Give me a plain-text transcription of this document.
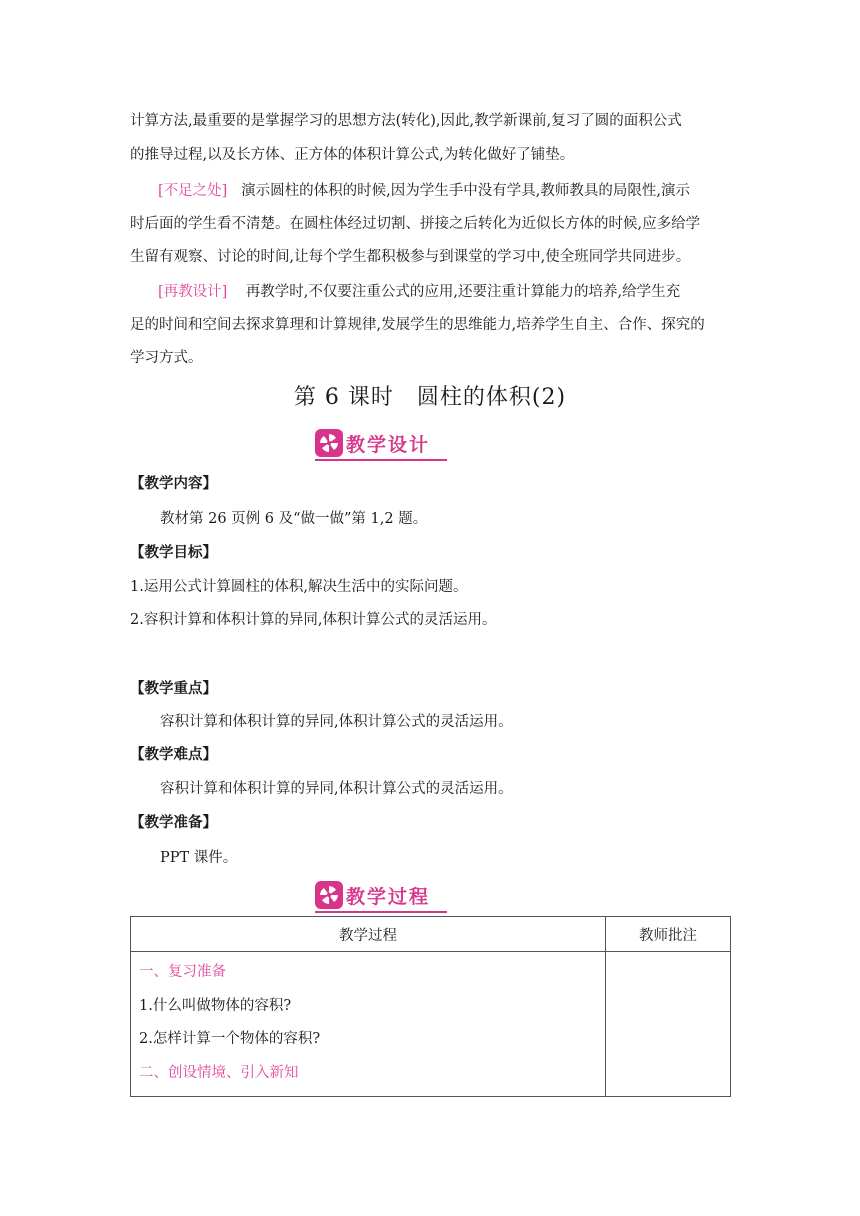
计算方法,最重要的是掌握学习的思想方法(转化),因此,教学新课前,复习了圆的面积公式

的推导过程,以及长方体、正方体的体积计算公式,为转化做好了铺垫。

[不足之处] 演示圆柱的体积的时候,因为学生手中没有学具,教师教具的局限性,演示

时后面的学生看不清楚。在圆柱体经过切割、拼接之后转化为近似长方体的时候,应多给学

生留有观察、讨论的时间,让每个学生都积极参与到课堂的学习中,使全班同学共同进步。

[再教设计] 再教学时,不仅要注重公式的应用,还要注重计算能力的培养,给学生充

足的时间和空间去探求算理和计算规律,发展学生的思维能力,培养学生自主、合作、探究的

学习方式。

第 6 课时　圆柱的体积(2)
教学设计
【教学内容】
教材第 26 页例 6 及“做一做”第 1,2 题。
【教学目标】
1.运用公式计算圆柱的体积,解决生活中的实际问题。
2.容积计算和体积计算的异同,体积计算公式的灵活运用。
【教学重点】
容积计算和体积计算的异同,体积计算公式的灵活运用。
【教学难点】
容积计算和体积计算的异同,体积计算公式的灵活运用。
【教学准备】
PPT 课件。
教学过程
教学过程	教师批注

一、复习准备
1.什么叫做物体的容积?
2.怎样计算一个物体的容积?
二、创设情境、引入新知	
